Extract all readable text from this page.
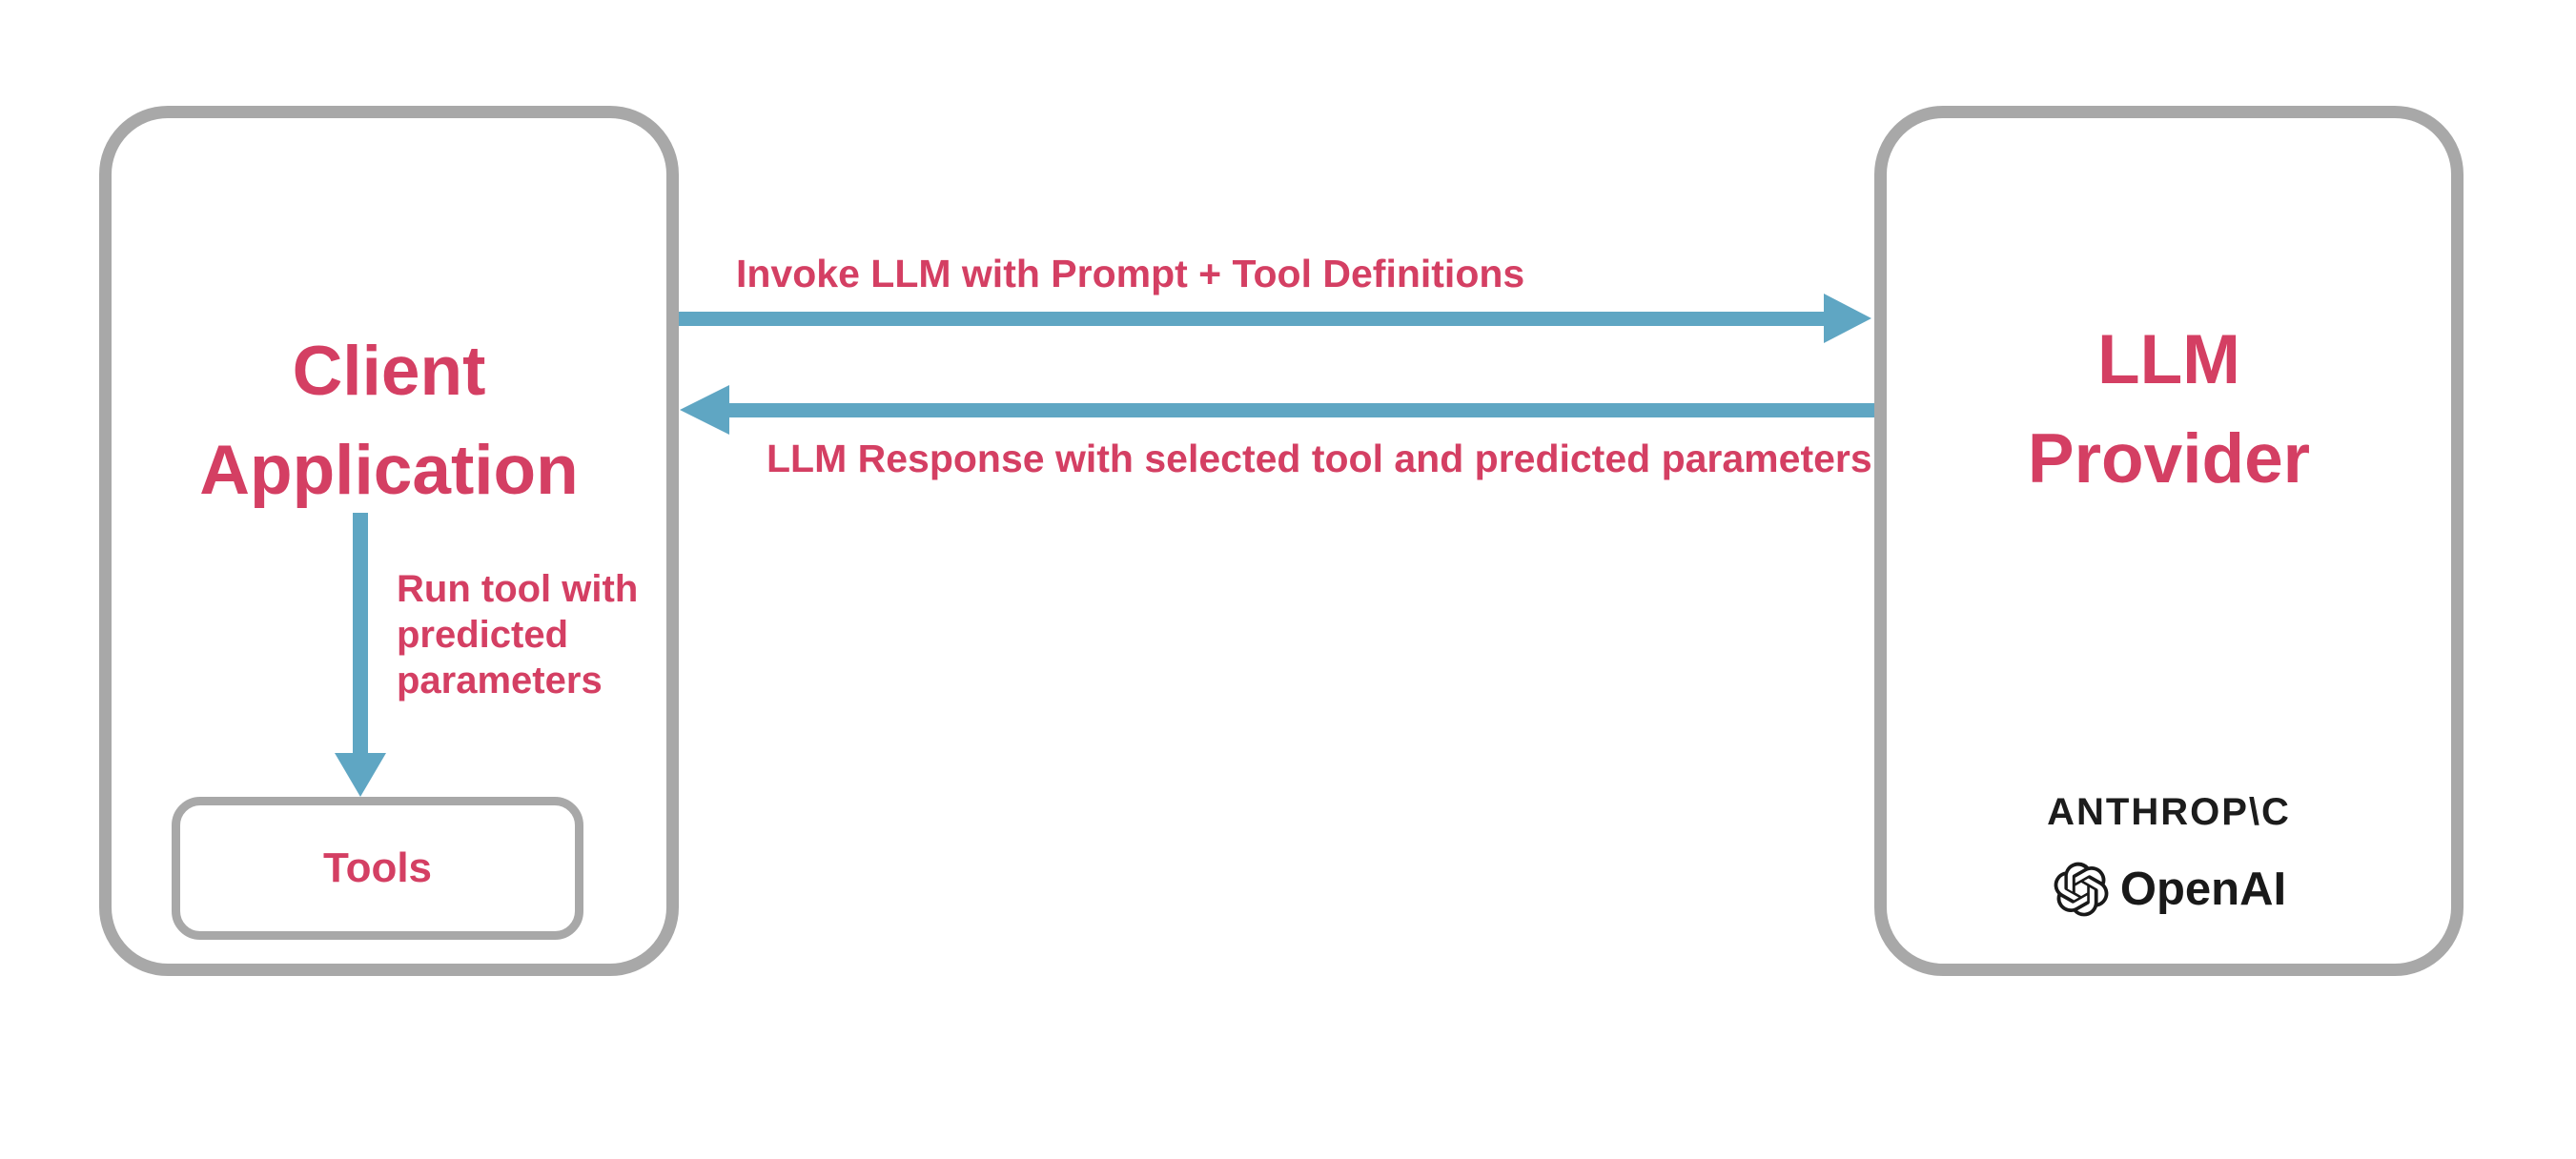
Client
Application
Tools
LLM
Provider
Invoke LLM with Prompt + Tool Definitions
LLM Response with selected tool and predicted parameters
Run tool with
predicted
parameters
ANTHROP\C
OpenAI
